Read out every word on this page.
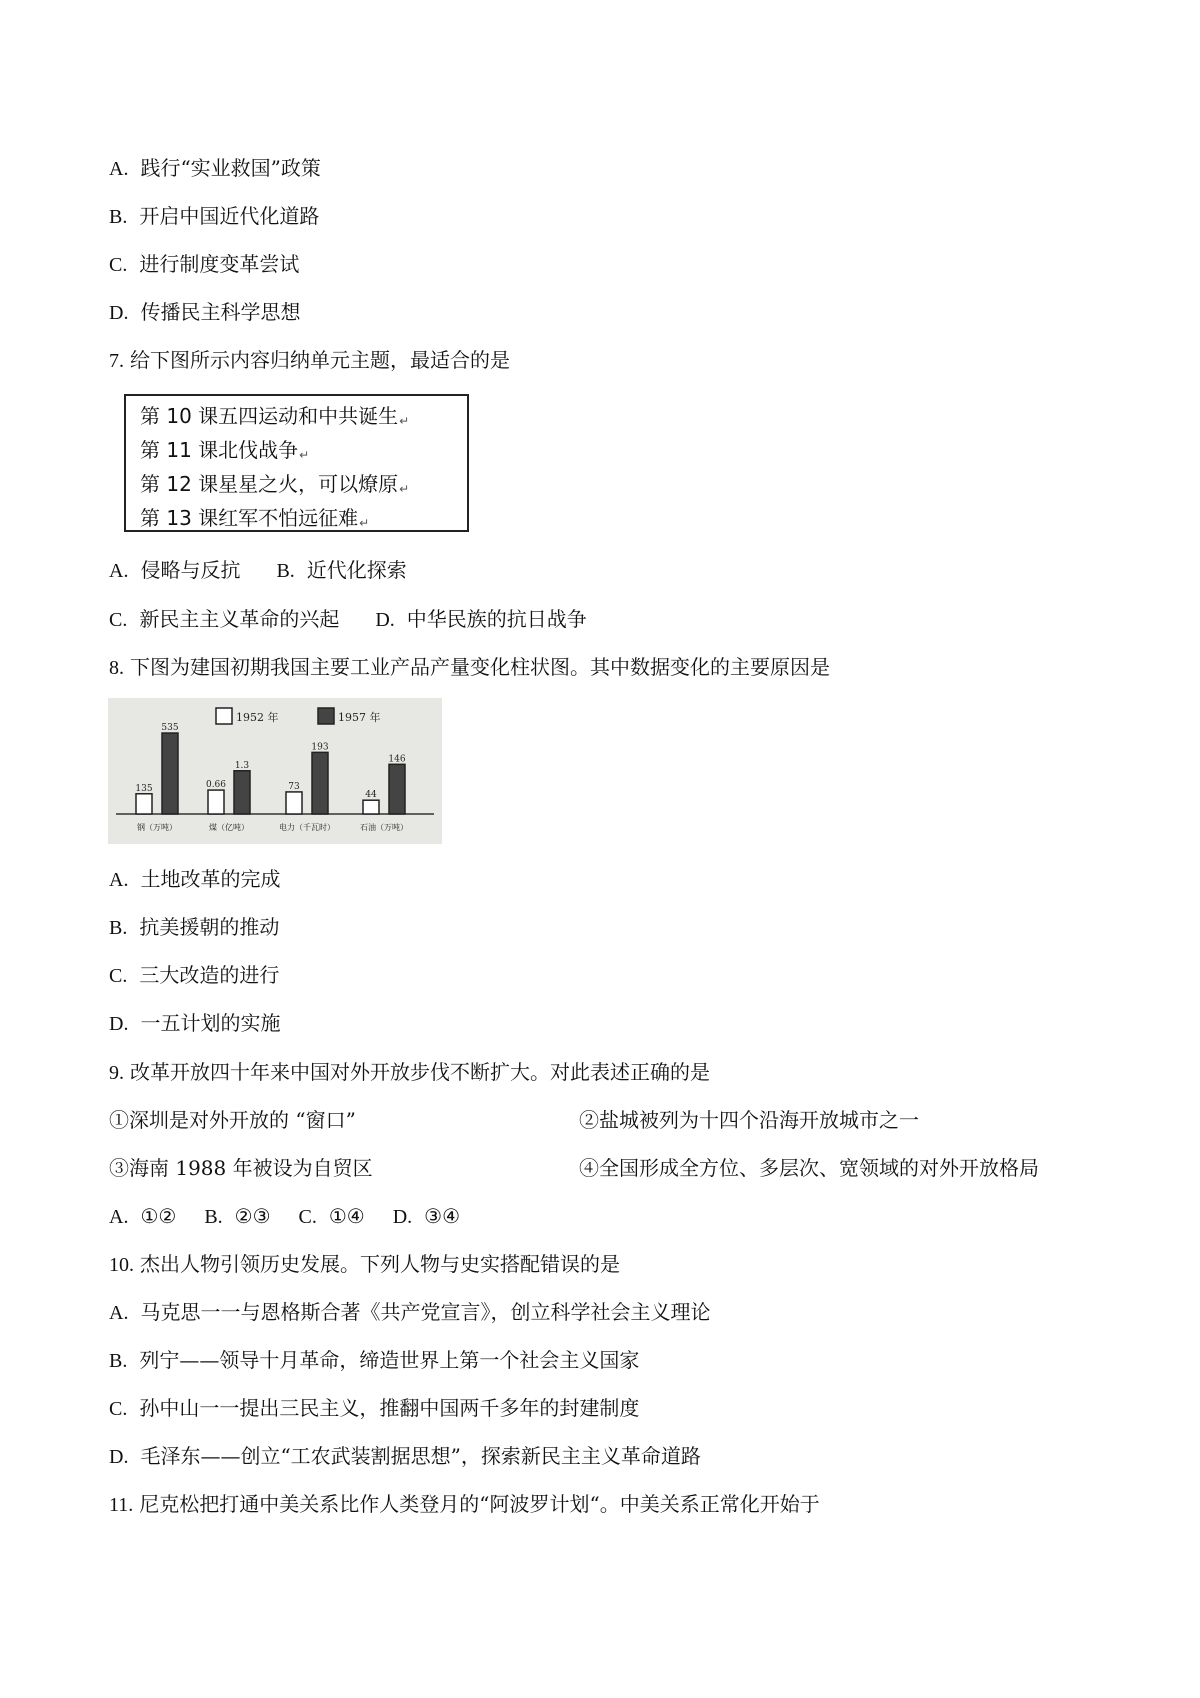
A. 践行“实业救国”政策
B. 开启中国近代化道路
C. 进行制度变革尝试
D. 传播民主科学思想
7. 给下图所示内容归纳单元主题，最适合的是
第 10 课五四运动和中共诞生↵
第 11 课北伐战争↵
第 12 课星星之火，可以燎原↵
第 13 课红军不怕远征难↵
A. 侵略与反抗 B. 近代化探索
C. 新民主主义革命的兴起 D. 中华民族的抗日战争
8. 下图为建国初期我国主要工业产品产量变化柱状图。其中数据变化的主要原因是
1952 年	1957 年
135
535
钢（万吨）
0.66
1.3
煤（亿吨）
73
193
电力（千瓦时）
44
146
石油（万吨）
A. 土地改革的完成
B. 抗美援朝的推动
C. 三大改造的进行
D. 一五计划的实施
9. 改革开放四十年来中国对外开放步伐不断扩大。对此表述正确的是
①深圳是对外开放的 “窗口”	②盐城被列为十四个沿海开放城市之一
③海南 1988 年被设为自贸区	④全国形成全方位、多层次、宽领域的对外开放格局
A. ①② B. ②③ C. ①④ D. ③④
10. 杰出人物引领历史发展。下列人物与史实搭配错误的是
A. 马克思一一与恩格斯合著《共产党宣言》，创立科学社会主义理论
B. 列宁——领导十月革命，缔造世界上第一个社会主义国家
C. 孙中山一一提出三民主义，推翻中国两千多年的封建制度
D. 毛泽东——创立“工农武装割据思想”，探索新民主主义革命道路
11. 尼克松把打通中美关系比作人类登月的“阿波罗计划“。中美关系正常化开始于
